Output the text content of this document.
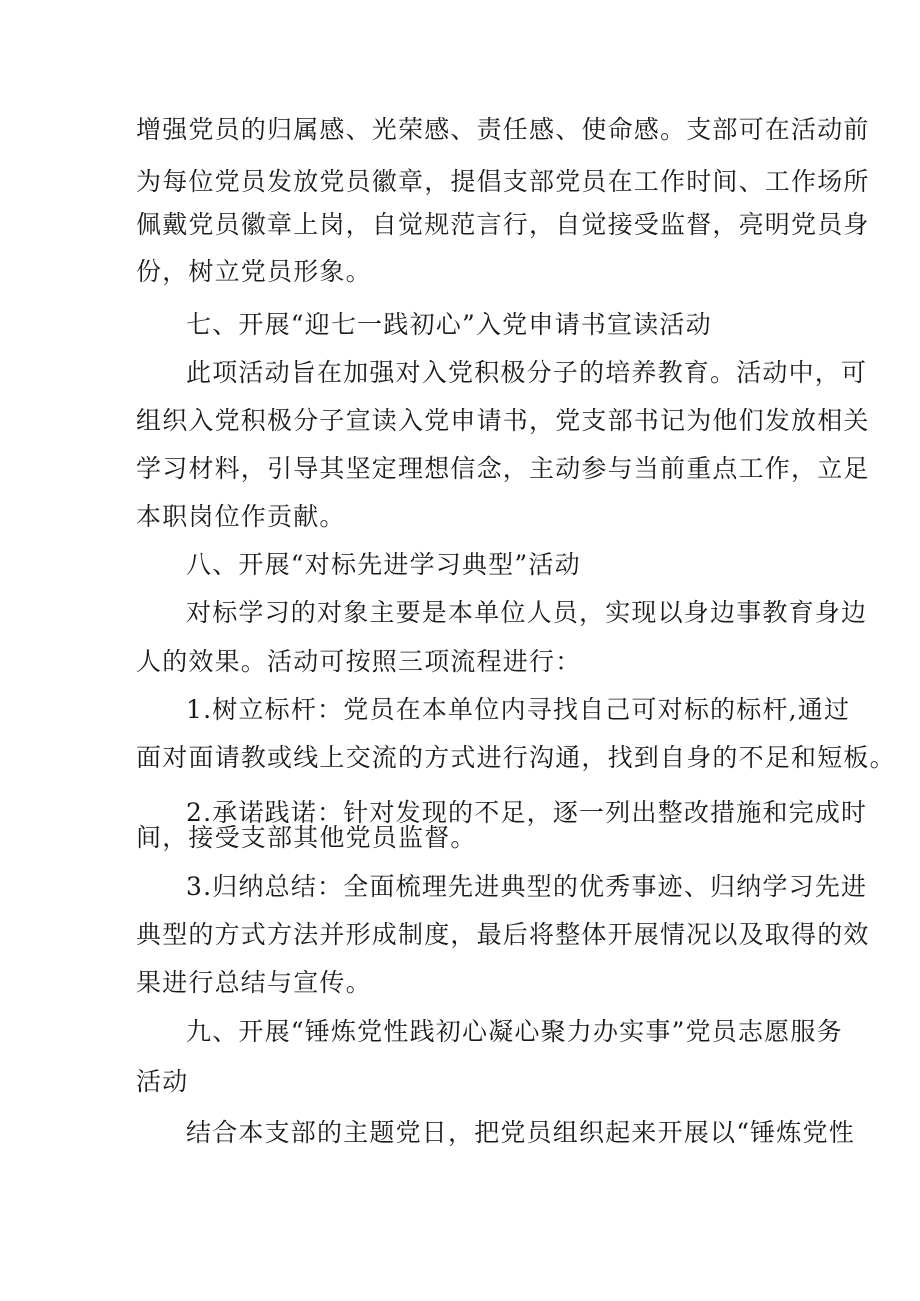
增强党员的归属感、光荣感、责任感、使命感。支部可在活动前
为每位党员发放党员徽章，提倡支部党员在工作时间、工作场所
佩戴党员徽章上岗，自觉规范言行，自觉接受监督，亮明党员身
份，树立党员形象。
七、开展“迎七一践初心”入党申请书宣读活动
此项活动旨在加强对入党积极分子的培养教育。活动中，可
组织入党积极分子宣读入党申请书，党支部书记为他们发放相关
学习材料，引导其坚定理想信念，主动参与当前重点工作，立足
本职岗位作贡献。
八、开展“对标先进学习典型”活动
对标学习的对象主要是本单位人员，实现以身边事教育身边
人的效果。活动可按照三项流程进行：
1.树立标杆：党员在本单位内寻找自己可对标的标杆,通过
面对面请教或线上交流的方式进行沟通，找到自身的不足和短板。
2.承诺践诺：针对发现的不足，逐一列出整改措施和完成时
间，接受支部其他党员监督。
3.归纳总结：全面梳理先进典型的优秀事迹、归纳学习先进
典型的方式方法并形成制度，最后将整体开展情况以及取得的效
果进行总结与宣传。
九、开展“锤炼党性践初心凝心聚力办实事”党员志愿服务
活动
结合本支部的主题党日，把党员组织起来开展以“锤炼党性
